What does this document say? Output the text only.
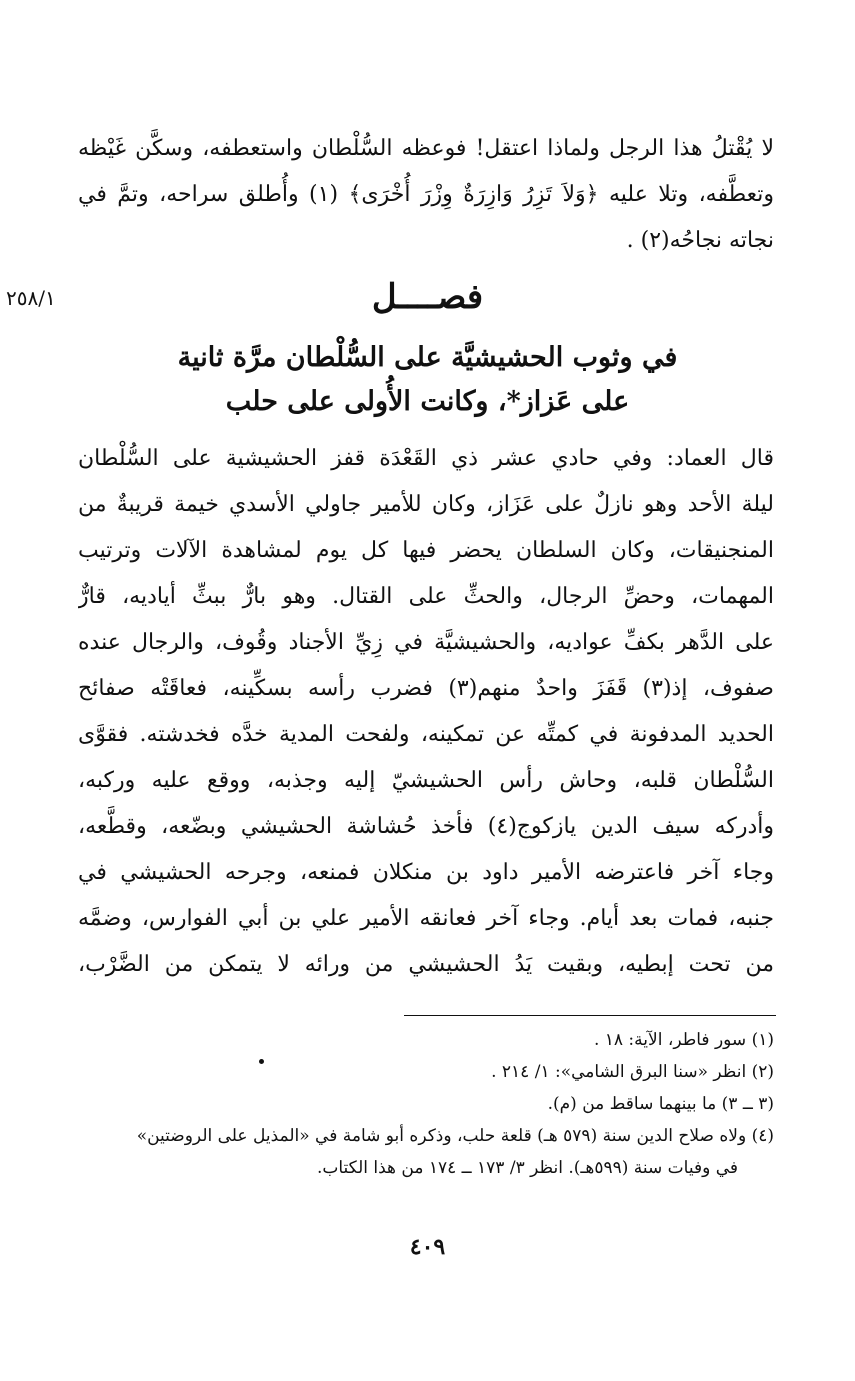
٢٥٨/١
لا يُقْتلُ هذا الرجل ولماذا اعتقل! فوعظه السُّلْطان واستعطفه، وسكَّن غَيْظه
وتعطَّفه، وتلا عليه ﴿وَلاَ تَزِرُ وَازِرَةٌ وِزْرَ أُخْرَى﴾ (١) وأُطلق سراحه، وتمَّ في
نجاته نجاحُه(٢) .
فصــــل
في وثوب الحشيشيَّة على السُّلْطان مرَّة ثانية
على عَزاز*، وكانت الأُولى على حلب
قال العماد: وفي حادي عشر ذي القَعْدَة قفز الحشيشية على السُّلْطان
ليلة الأحد وهو نازلٌ على عَزَاز، وكان للأمير جاولي الأسدي خيمة قريبةٌ من
المنجنيقات، وكان السلطان يحضر فيها كل يوم لمشاهدة الآلات وترتيب
المهمات، وحضِّ الرجال، والحثِّ على القتال. وهو بارٌّ ببثِّ أياديه، قارٌّ
على الدَّهر بكفِّ عواديه، والحشيشيَّة في زِيِّ الأجناد وقُوف، والرجال عنده
صفوف، إذ(٣) قَفَزَ واحدٌ منهم(٣) فضرب رأسه بسكِّينه، فعاقَتْه صفائح
الحديد المدفونة في كمتِّه عن تمكينه، ولفحت المدية خدَّه فخدشته. فقوَّى
السُّلْطان قلبه، وحاش رأس الحشيشيّ إليه وجذبه، ووقع عليه وركبه،
وأدركه سيف الدين يازكوج(٤) فأخذ حُشاشة الحشيشي وبضّعه، وقطَّعه،
وجاء آخر فاعترضه الأمير داود بن منكلان فمنعه، وجرحه الحشيشي في
جنبه، فمات بعد أيام. وجاء آخر فعانقه الأمير علي بن أبي الفوارس، وضمَّه
من تحت إبطيه، وبقيت يَدُ الحشيشي من ورائه لا يتمكن من الضَّرْب،
(١) سور فاطر، الآية: ١٨ .
(٢) انظر «سنا البرق الشامي»: ١/ ٢١٤ .
(٣ ــ ٣) ما بينهما ساقط من (م).
(٤) ولاه صلاح الدين سنة (٥٧٩ هـ) قلعة حلب، وذكره أبو شامة في «المذيل على الروضتين»
في وفيات سنة (٥٩٩هـ). انظر ٣/ ١٧٣ ــ ١٧٤ من هذا الكتاب.
٤٠٩
